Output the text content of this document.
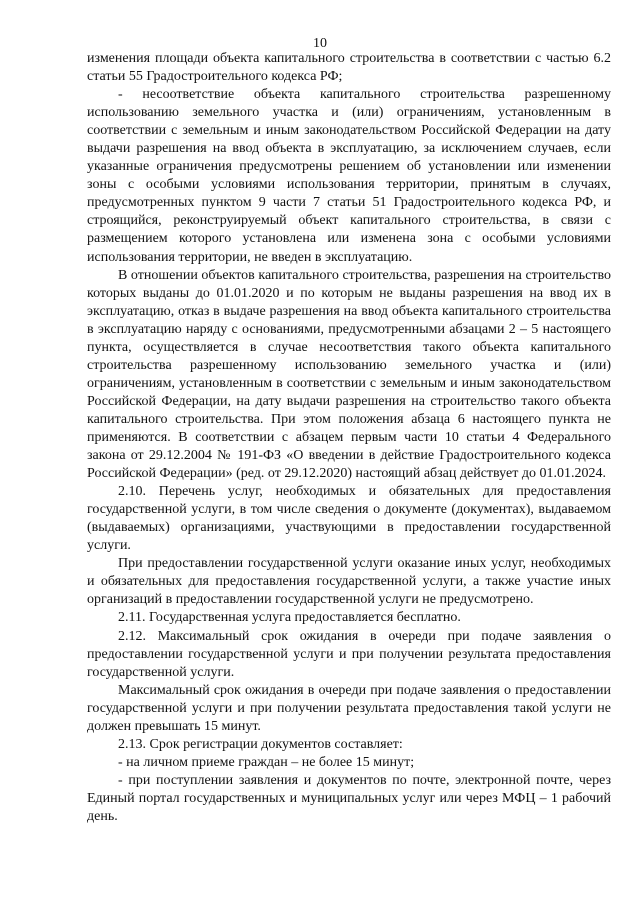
10

изменения площади объекта капитального строительства в соответствии с частью 6.2 статьи 55 Градостроительного кодекса РФ;

- несоответствие объекта капитального строительства разрешенному использованию земельного участка и (или) ограничениям, установленным в соответствии с земельным и иным законодательством Российской Федерации на дату выдачи разрешения на ввод объекта в эксплуатацию, за исключением случаев, если указанные ограничения предусмотрены решением об установлении или изменении зоны с особыми условиями использования территории, принятым в случаях, предусмотренных пунктом 9 части 7 статьи 51 Градостроительного кодекса РФ, и строящийся, реконструируемый объект капитального строительства, в связи с размещением которого установлена или изменена зона с особыми условиями использования территории, не введен в эксплуатацию.

В отношении объектов капитального строительства, разрешения на строительство которых выданы до 01.01.2020 и по которым не выданы разрешения на ввод их в эксплуатацию, отказ в выдаче разрешения на ввод объекта капитального строительства в эксплуатацию наряду с основаниями, предусмотренными абзацами 2 – 5 настоящего пункта, осуществляется в случае несоответствия такого объекта капитального строительства разрешенному использованию земельного участка и (или) ограничениям, установленным в соответствии с земельным и иным законодательством Российской Федерации, на дату выдачи разрешения на строительство такого объекта капитального строительства. При этом положения абзаца 6 настоящего пункта не применяются. В соответствии с абзацем первым части 10 статьи 4 Федерального закона от 29.12.2004 № 191-ФЗ «О введении в действие Градостроительного кодекса Российской Федерации» (ред. от 29.12.2020) настоящий абзац действует до 01.01.2024.

2.10. Перечень услуг, необходимых и обязательных для предоставления государственной услуги, в том числе сведения о документе (документах), выдаваемом (выдаваемых) организациями, участвующими в предоставлении государственной услуги.

При предоставлении государственной услуги оказание иных услуг, необходимых и обязательных для предоставления государственной услуги, а также участие иных организаций в предоставлении государственной услуги не предусмотрено.

2.11. Государственная услуга предоставляется бесплатно.

2.12. Максимальный срок ожидания в очереди при подаче заявления о предоставлении государственной услуги и при получении результата предоставления государственной услуги.

Максимальный срок ожидания в очереди при подаче заявления о предоставлении государственной услуги и при получении результата предоставления такой услуги не должен превышать 15 минут.

2.13. Срок регистрации документов составляет:

- на личном приеме граждан – не более 15 минут;

- при поступлении заявления и документов по почте, электронной почте, через Единый портал государственных и муниципальных услуг или через МФЦ – 1 рабочий день.
